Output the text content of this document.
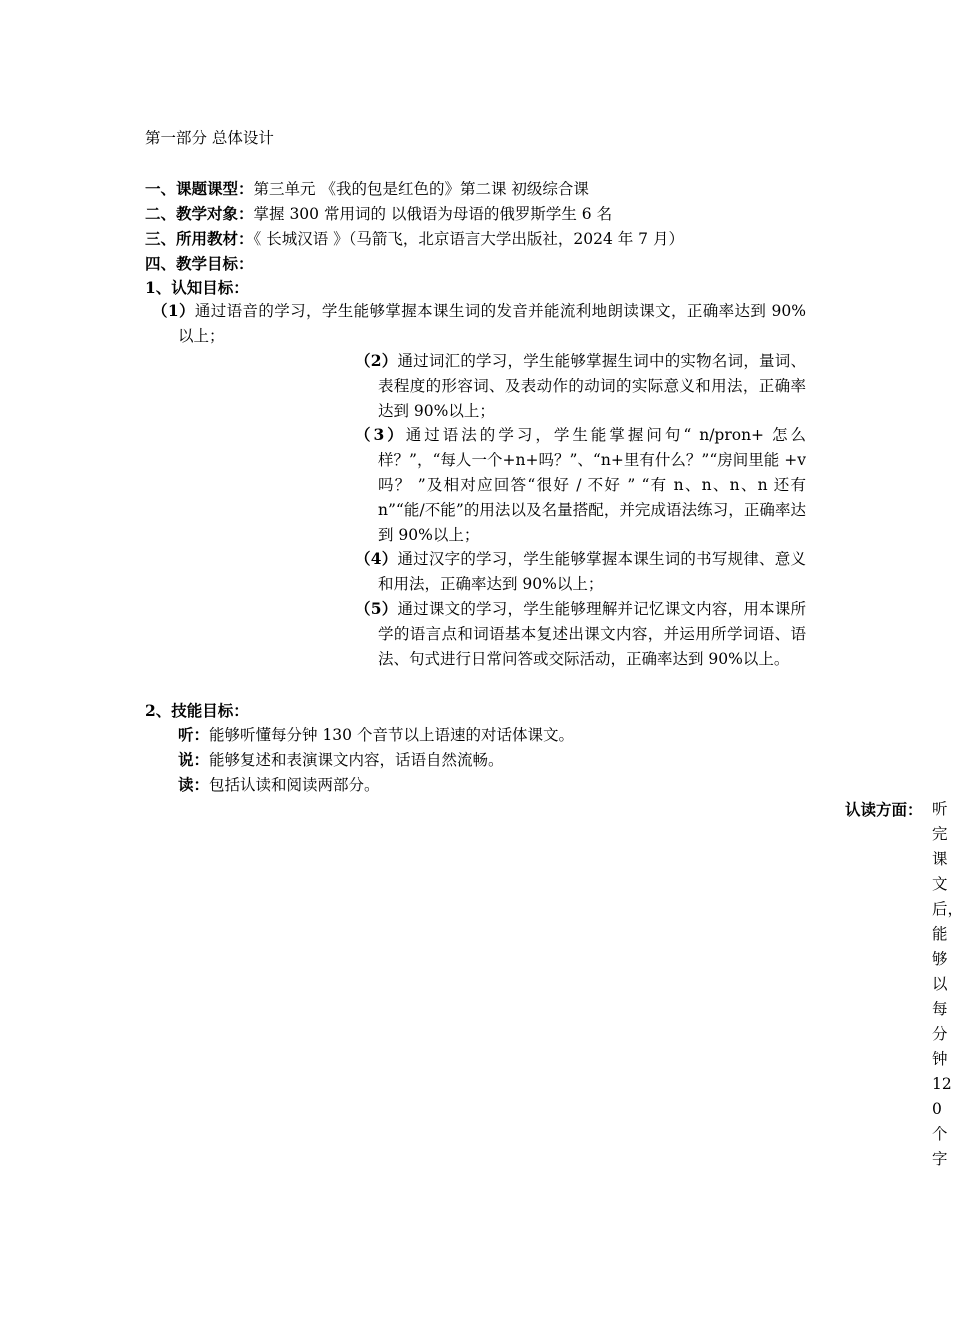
第一部分 总体设计
一、课题课型：第三单元 《我的包是红色的》第二课 初级综合课
二、教学对象：掌握 300 常用词的 以俄语为母语的俄罗斯学生 6 名
三、所用教材：《 长城汉语 》（马箭飞，北京语言大学出版社，2024 年 7 月）
四、教学目标：
1、认知目标：

（1）通过语音的学习，学生能够掌握本课生词的发音并能流利地朗读课文，正确率达到 90%以上；

（2）通过词汇的学习，学生能够掌握生词中的实物名词，量词、表程度的形容词、及表动作的动词的实际意义和用法，正确率达到 90%以上；

（3）通过语法的学习，学生能掌握问句“ n/pron+ 怎么样？”，“每人一个+n+吗？”、“n+里有什么？”“房间里能 +v 吗？ ”及相对应回答“很好 / 不好 ” “有 n、n、n、n 还有 n”“能/不能”的用法以及名量搭配，并完成语法练习，正确率达到 90%以上；

（4）通过汉字的学习，学生能够掌握本课生词的书写规律、意义和用法，正确率达到 90%以上；

（5）通过课文的学习，学生能够理解并记忆课文内容，用本课所学的语言点和词语基本复述出课文内容，并运用所学词语、语法、句式进行日常问答或交际活动，正确率达到 90%以上。

2、技能目标：
听：能够听懂每分钟 130 个音节以上语速的对话体课文。
说：能够复述和表演课文内容，话语自然流畅。
读：包括认读和阅读两部分。
认读方面： 听完课文后，能够以每分钟120个字
